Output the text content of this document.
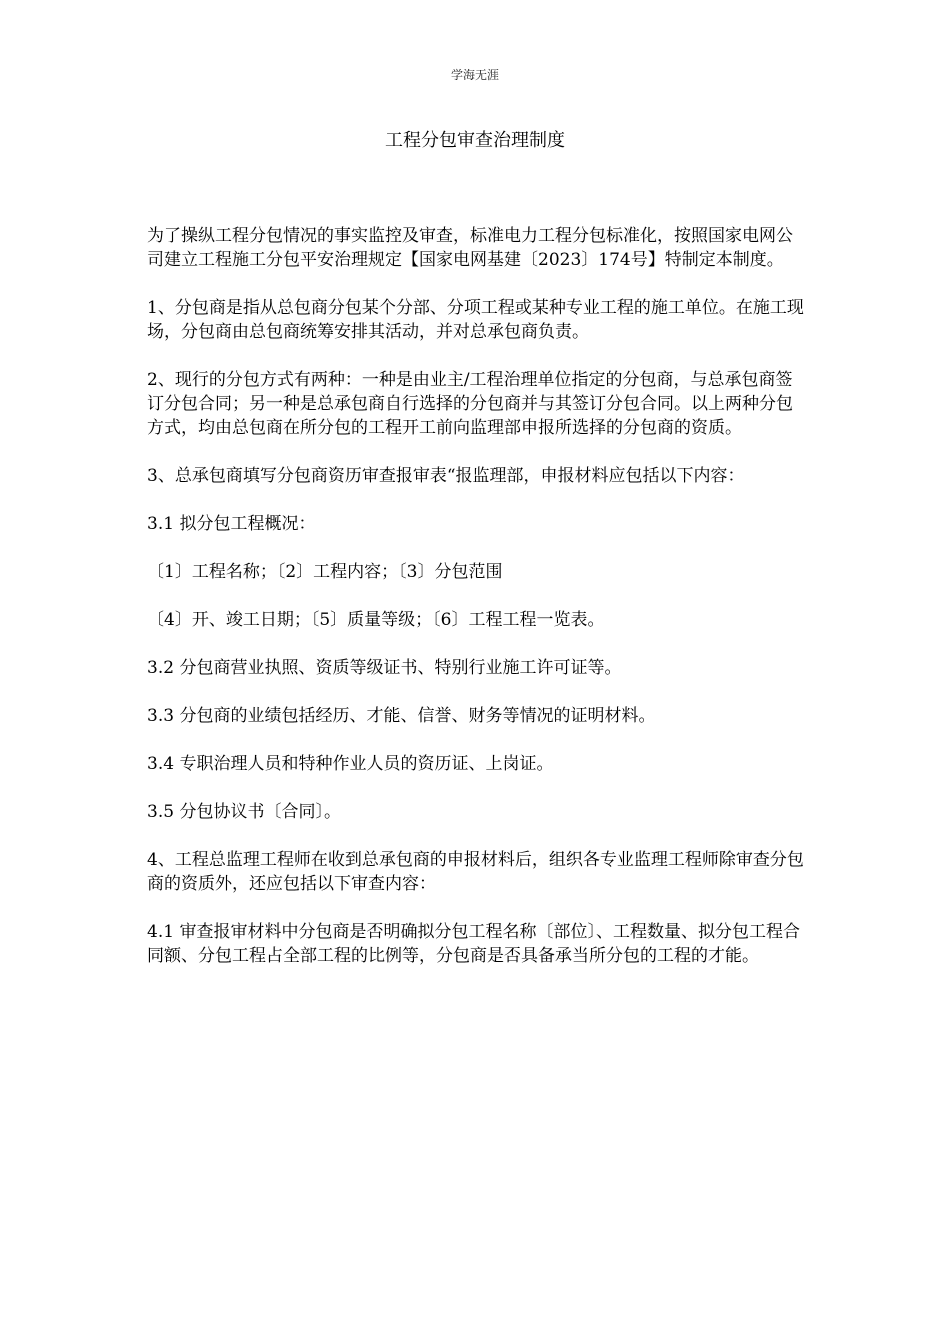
学海无涯
工程分包审查治理制度

为了操纵工程分包情况的事实监控及审查，标准电力工程分包标准化，按照国家电网公司建立工程施工分包平安治理规定【国家电网基建〔2023〕174号】特制定本制度。

1、分包商是指从总包商分包某个分部、分项工程或某种专业工程的施工单位。在施工现场，分包商由总包商统筹安排其活动，并对总承包商负责。

2、现行的分包方式有两种：一种是由业主/工程治理单位指定的分包商，与总承包商签订分包合同；另一种是总承包商自行选择的分包商并与其签订分包合同。以上两种分包方式，均由总包商在所分包的工程开工前向监理部申报所选择的分包商的资质。

3、总承包商填写分包商资历审查报审表“报监理部，申报材料应包括以下内容：

3.1 拟分包工程概况：

〔1〕工程名称；〔2〕工程内容；〔3〕分包范围

〔4〕开、竣工日期；〔5〕质量等级；〔6〕工程工程一览表。

3.2 分包商营业执照、资质等级证书、特别行业施工许可证等。

3.3 分包商的业绩包括经历、才能、信誉、财务等情况的证明材料。

3.4 专职治理人员和特种作业人员的资历证、上岗证。

3.5 分包协议书〔合同〕。

4、工程总监理工程师在收到总承包商的申报材料后，组织各专业监理工程师除审查分包商的资质外，还应包括以下审查内容：

4.1 审查报审材料中分包商是否明确拟分包工程名称〔部位〕、工程数量、拟分包工程合同额、分包工程占全部工程的比例等，分包商是否具备承当所分包的工程的才能。
